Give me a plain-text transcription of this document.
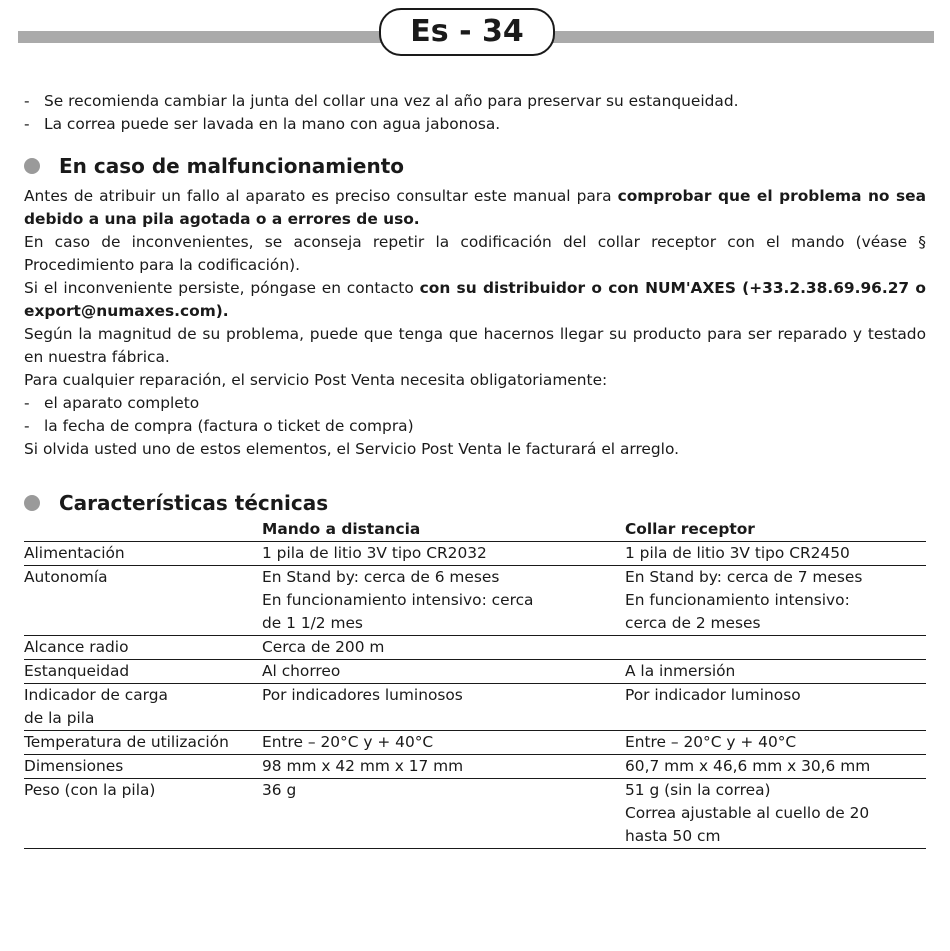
Es - 34

- Se recomienda cambiar la junta del collar una vez al año para preservar su estanqueidad.

- La correa puede ser lavada en la mano con agua jabonosa.

En caso de malfuncionamiento

Antes de atribuir un fallo al aparato es preciso consultar este manual para comprobar que el problema no sea debido a una pila agotada o a errores de uso.

En caso de inconvenientes, se aconseja repetir la codificación del collar receptor con el mando (véase § Procedimiento para la codificación).

Si el inconveniente persiste, póngase en contacto con su distribuidor o con NUM'AXES (+33.2.38.69.96.27 o export@numaxes.com).

Según la magnitud de su problema, puede que tenga que hacernos llegar su producto para ser reparado y testado en nuestra fábrica.

Para cualquier reparación, el servicio Post Venta necesita obligatoriamente:

- el aparato completo

- la fecha de compra (factura o ticket de compra)

Si olvida usted uno de estos elementos, el Servicio Post Venta le facturará el arreglo.

Características técnicas
	Mando a distancia	Collar receptor

Alimentación	1 pila de litio 3V tipo CR2032	1 pila de litio 3V tipo CR2450

Autonomía	En Stand by: cerca de 6 meses
En funcionamiento intensivo: cerca
de 1 1/2 mes	En Stand by: cerca de 7 meses
En funcionamiento intensivo:
cerca de 2 meses

Alcance radio	Cerca de 200 m	

Estanqueidad	Al chorreo	A la inmersión

Indicador de carga
de la pila	Por indicadores luminosos	Por indicador luminoso

Temperatura de utilización	Entre – 20°C y + 40°C	Entre – 20°C y + 40°C

Dimensiones	98 mm x 42 mm x 17 mm	60,7 mm x 46,6 mm x 30,6 mm

Peso (con la pila)	36 g	51 g (sin la correa)
Correa ajustable al cuello de 20
hasta 50 cm
